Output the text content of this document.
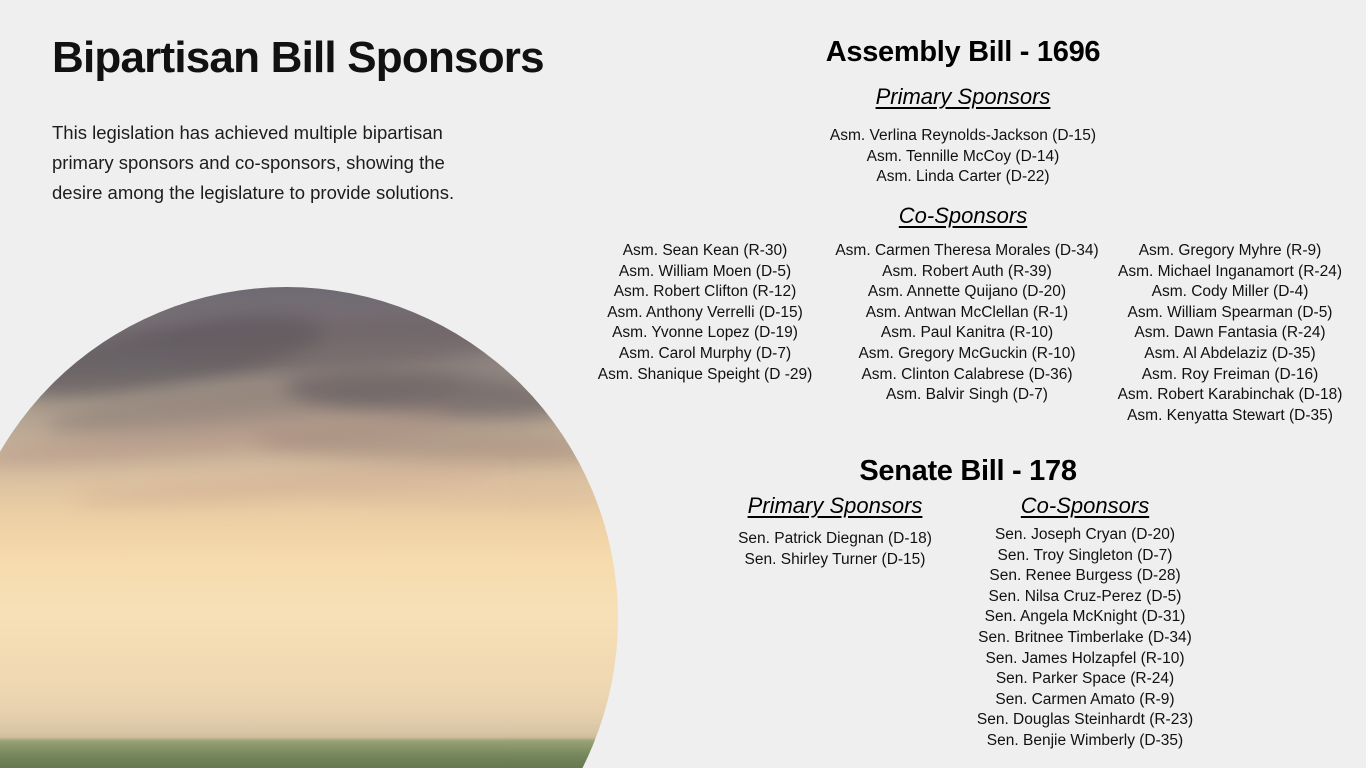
Bipartisan Bill Sponsors
This legislation has achieved multiple bipartisan primary sponsors and co-sponsors, showing the desire among the legislature to provide solutions.
Assembly Bill - 1696
Primary Sponsors
Asm. Verlina Reynolds-Jackson (D-15)
Asm. Tennille McCoy (D-14)
Asm. Linda Carter (D-22)
Co-Sponsors
Asm. Sean Kean (R-30)
Asm. William Moen (D-5)
Asm. Robert Clifton (R-12)
Asm. Anthony Verrelli (D-15)
Asm. Yvonne Lopez (D-19)
Asm. Carol Murphy (D-7)
Asm. Shanique Speight (D -29)
Asm. Carmen Theresa Morales (D-34)
Asm. Robert Auth (R-39)
Asm. Annette Quijano (D-20)
Asm. Antwan McClellan (R-1)
Asm. Paul Kanitra (R-10)
Asm. Gregory McGuckin (R-10)
Asm. Clinton Calabrese (D-36)
Asm. Balvir Singh (D-7)
Asm. Gregory Myhre (R-9)
Asm. Michael Inganamort (R-24)
Asm. Cody Miller (D-4)
Asm. William Spearman (D-5)
Asm. Dawn Fantasia (R-24)
Asm. Al Abdelaziz (D-35)
Asm. Roy Freiman (D-16)
Asm. Robert Karabinchak (D-18)
Asm. Kenyatta Stewart (D-35)
Senate Bill - 178
Primary Sponsors
Sen. Patrick Diegnan (D-18)
Sen. Shirley Turner (D-15)
Co-Sponsors
Sen. Joseph Cryan (D-20)
Sen. Troy Singleton (D-7)
Sen. Renee Burgess (D-28)
Sen. Nilsa Cruz-Perez (D-5)
Sen. Angela McKnight (D-31)
Sen. Britnee Timberlake (D-34)
Sen. James Holzapfel (R-10)
Sen. Parker Space (R-24)
Sen. Carmen Amato (R-9)
Sen. Douglas Steinhardt (R-23)
Sen. Benjie Wimberly (D-35)
